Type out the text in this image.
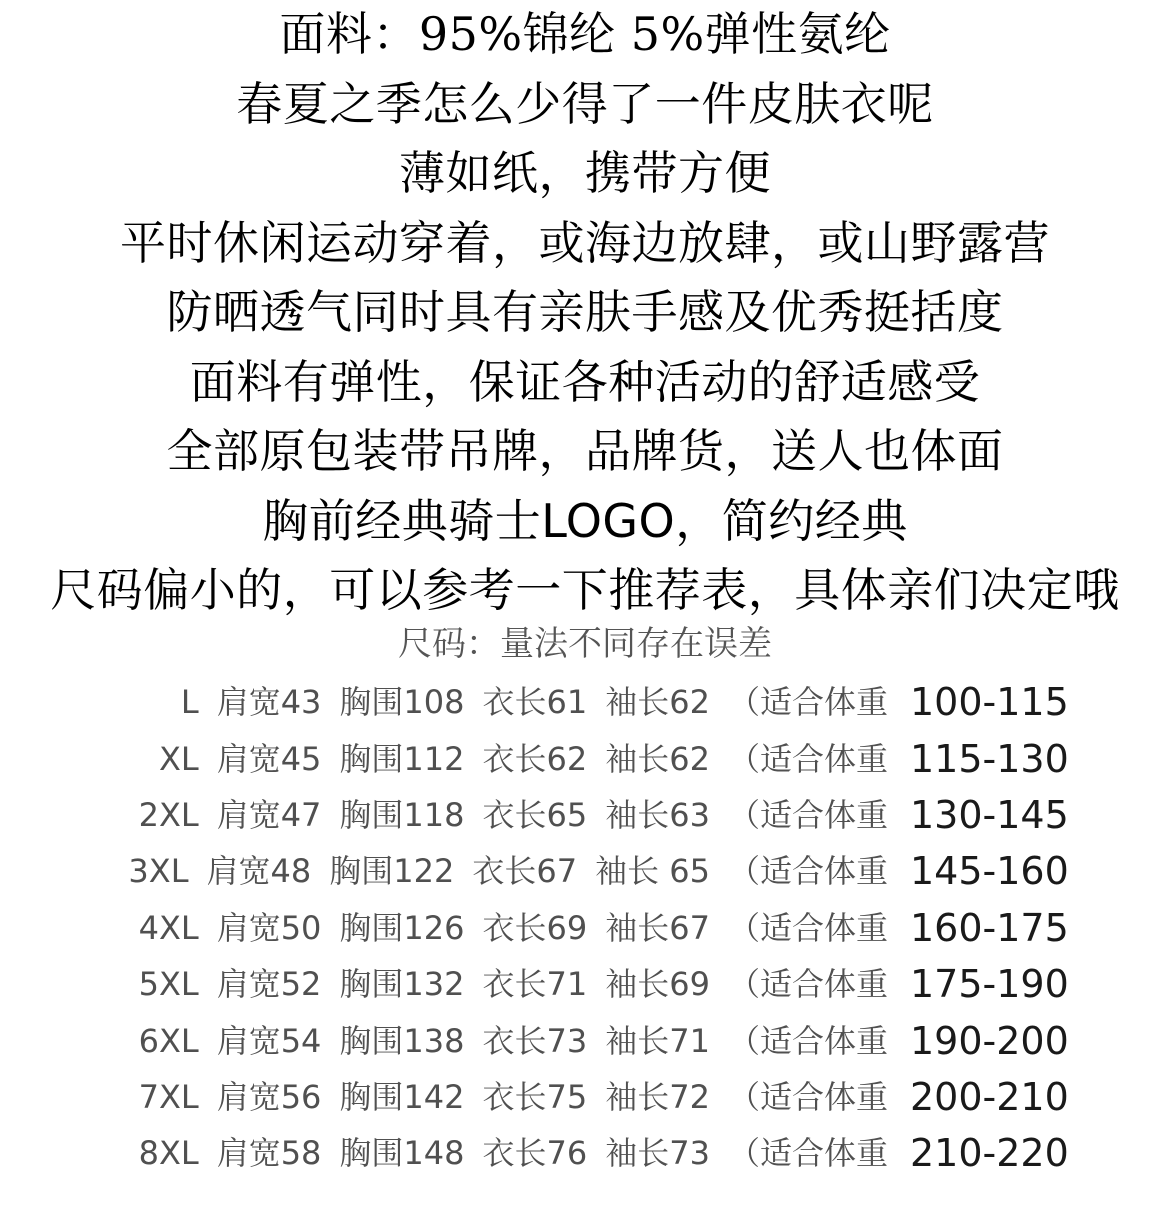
面料：95%锦纶 5%弹性氨纶
春夏之季怎么少得了一件皮肤衣呢
薄如纸，携带方便
平时休闲运动穿着，或海边放肆，或山野露营
防晒透气同时具有亲肤手感及优秀挺括度
面料有弹性，保证各种活动的舒适感受
全部原包装带吊牌，品牌货，送人也体面
胸前经典骑士LOGO，简约经典
尺码偏小的，可以参考一下推荐表，具体亲们决定哦
尺码：量法不同存在误差
L 肩宽43 胸围108 衣长61 袖长62 （适合体重 100-115
XL 肩宽45 胸围112 衣长62 袖长62 （适合体重 115-130
2XL 肩宽47 胸围118 衣长65 袖长63 （适合体重 130-145
3XL 肩宽48 胸围122 衣长67 袖长 65 （适合体重 145-160
4XL 肩宽50 胸围126 衣长69 袖长67 （适合体重 160-175
5XL 肩宽52 胸围132 衣长71 袖长69 （适合体重 175-190
6XL 肩宽54 胸围138 衣长73 袖长71 （适合体重 190-200
7XL 肩宽56 胸围142 衣长75 袖长72 （适合体重 200-210
8XL 肩宽58 胸围148 衣长76 袖长73 （适合体重 210-220
